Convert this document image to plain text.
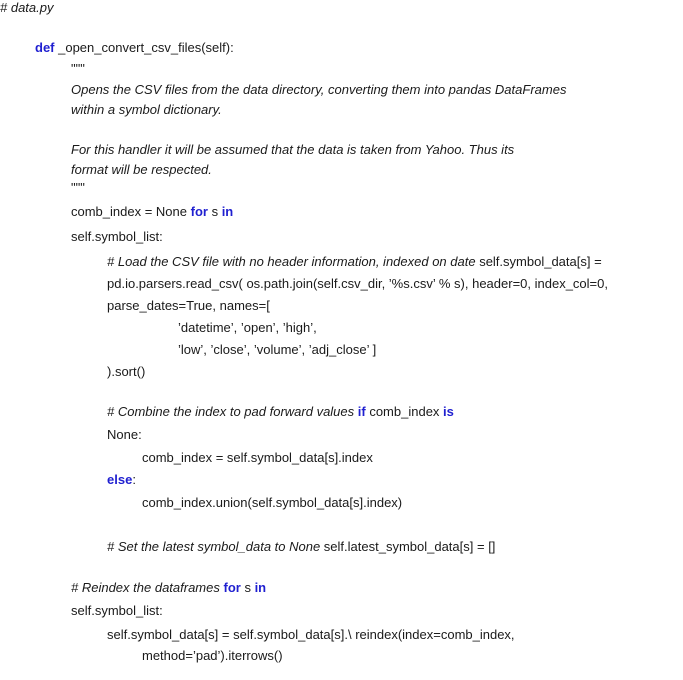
# data.py
def _open_convert_csv_files(self):
"""
Opens the CSV files from the data directory, converting them into pandas DataFrames
within a symbol dictionary.
For this handler it will be assumed that the data is taken from Yahoo. Thus its
format will be respected.
"""
comb_index = None for s in
self.symbol_list:
# Load the CSV file with no header information, indexed on date self.symbol_data[s] =
pd.io.parsers.read_csv( os.path.join(self.csv_dir, ’%s.csv’ % s), header=0, index_col=0,
parse_dates=True, names=[
’datetime’, ’open’, ’high’,
’low’, ’close’, ’volume’, ’adj_close’ ]
).sort()
# Combine the index to pad forward values if comb_index is
None:
comb_index = self.symbol_data[s].index
else:
comb_index.union(self.symbol_data[s].index)
# Set the latest symbol_data to None self.latest_symbol_data[s] = []
# Reindex the dataframes for s in
self.symbol_list:
self.symbol_data[s] = self.symbol_data[s].\ reindex(index=comb_index,
method=’pad’).iterrows()
